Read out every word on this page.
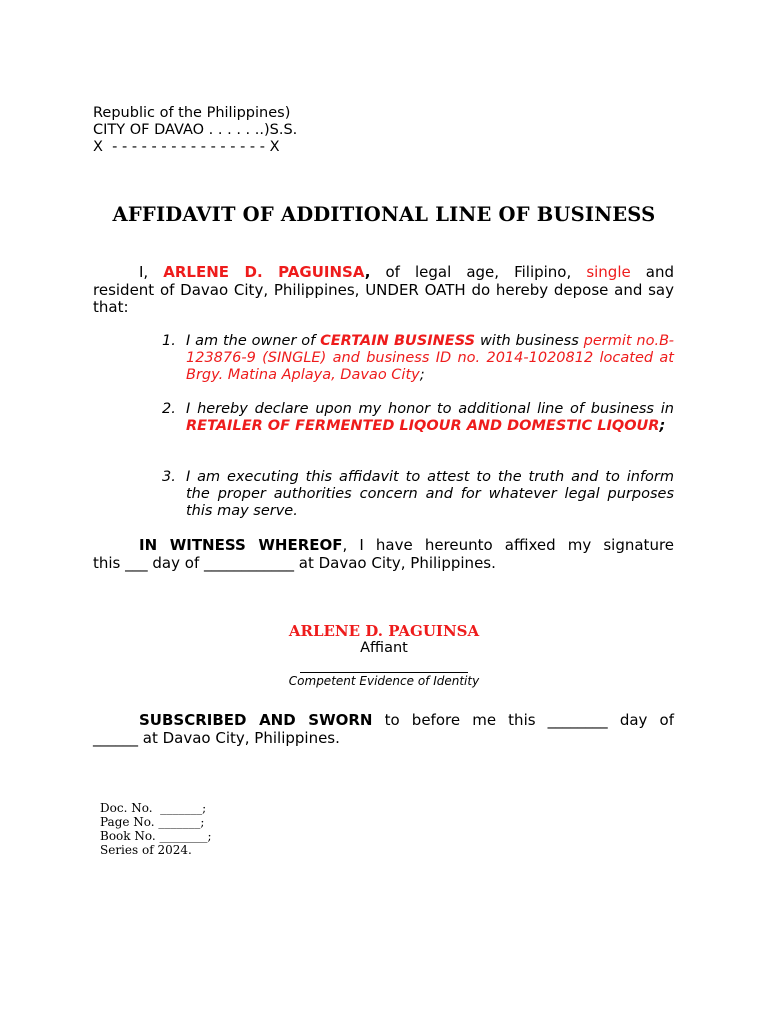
Republic of the Philippines)
CITY OF DAVAO . . . . . ..)S.S.
X  - - - - - - - - - - - - - - - - X
AFFIDAVIT OF ADDITIONAL LINE OF BUSINESS
I, ARLENE D. PAGUINSA, of legal age, Filipino, single and
resident of Davao City, Philippines, UNDER OATH do hereby depose and say that:
1. I am the owner of CERTAIN BUSINESS with business permit no.B-123876-9 (SINGLE) and business ID no. 2014-1020812 located at Brgy. Matina Aplaya, Davao City;
2. I hereby declare upon my honor to additional line of business in RETAILER OF FERMENTED LIQOUR AND DOMESTIC LIQOUR;
3. I am executing this affidavit to attest to the truth and to inform the proper authorities concern and for whatever legal purposes this may serve.
IN WITNESS WHEREOF, I have hereunto affixed my signature
this ___ day of ____________ at Davao City, Philippines.
ARLENE D. PAGUINSA
Affiant
Competent Evidence of Identity
SUBSCRIBED AND SWORN to before me this ________ day of
______ at Davao City, Philippines.
Doc. No.  _______;
Page No. _______;
Book No. ________;
Series of 2024.
